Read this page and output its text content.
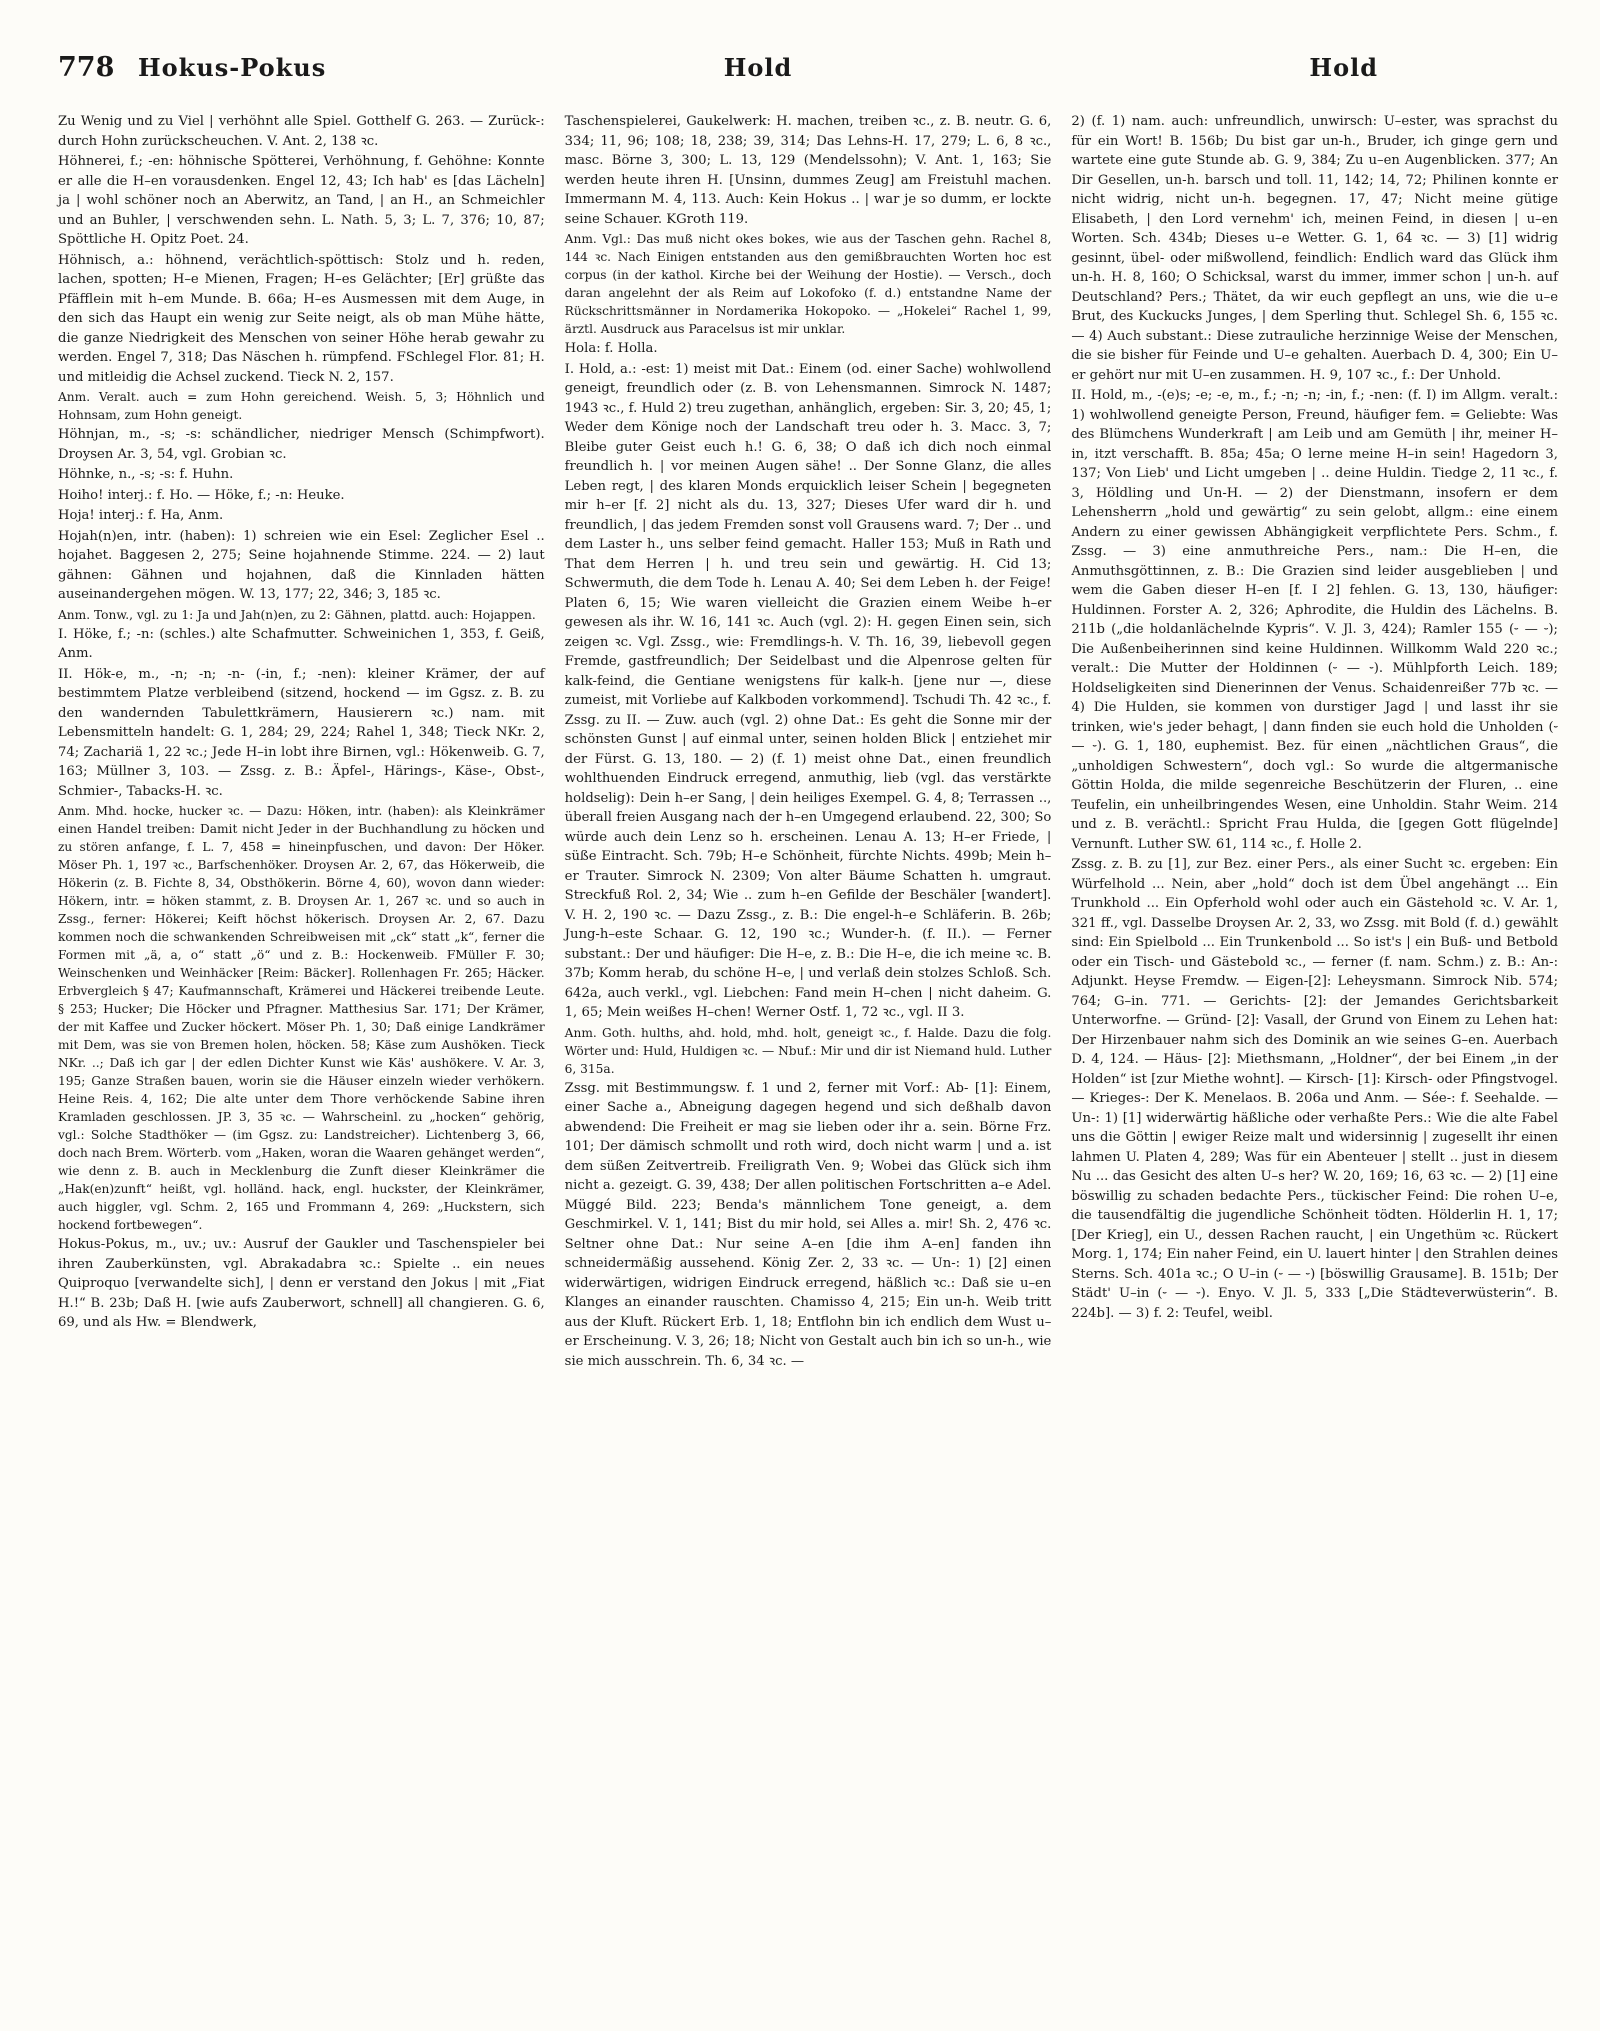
778 Hokus-Pokus	Hold	Hold

Zu Wenig und zu Viel | verhöhnt alle Spiel. Gotthelf G. 263. — Zurück-: durch Hohn zurückscheuchen. V. Ant. 2, 138 ꝛc.

Höhnerei, f.; -en: höhnische Spötterei, Verhöhnung, f. Gehöhne: Konnte er alle die H–en vorausdenken. Engel 12, 43; Ich hab' es [das Lächeln] ja | wohl schöner noch an Aberwitz, an Tand, | an H., an Schmeichler und an Buhler, | verschwenden sehn. L. Nath. 5, 3; L. 7, 376; 10, 87; Spöttliche H. Opitz Poet. 24.

Höhnisch, a.: höhnend, verächtlich-spöttisch: Stolz und h. reden, lachen, spotten; H–e Mienen, Fragen; H–es Gelächter; [Er] grüßte das Pfäfflein mit h–em Munde. B. 66a; H–es Ausmessen mit dem Auge, in den sich das Haupt ein wenig zur Seite neigt, als ob man Mühe hätte, die ganze Niedrigkeit des Menschen von seiner Höhe herab gewahr zu werden. Engel 7, 318; Das Näschen h. rümpfend. FSchlegel Flor. 81; H. und mitleidig die Achsel zuckend. Tieck N. 2, 157.

Anm. Veralt. auch = zum Hohn gereichend. Weish. 5, 3; Höhnlich und Hohnsam, zum Hohn geneigt.

Höhnjan, m., -s; -s: schändlicher, niedriger Mensch (Schimpfwort). Droysen Ar. 3, 54, vgl. Grobian ꝛc.

Höhnke, n., -s; -s: f. Huhn.

Hoiho! interj.: f. Ho. — Höke, f.; -n: Heuke.

Hoja! interj.: f. Ha, Anm.

Hojah(n)en, intr. (haben): 1) schreien wie ein Esel: Zeglicher Esel .. hojahet. Baggesen 2, 275; Seine hojahnende Stimme. 224. — 2) laut gähnen: Gähnen und hojahnen, daß die Kinnladen hätten auseinandergehen mögen. W. 13, 177; 22, 346; 3, 185 ꝛc.

Anm. Tonw., vgl. zu 1: Ja und Jah(n)en, zu 2: Gähnen, plattd. auch: Hojappen.

I. Höke, f.; -n: (schles.) alte Schafmutter. Schweinichen 1, 353, f. Geiß, Anm.

II. Hök-e, m., -n; -n; -n- (-in, f.; -nen): kleiner Krämer, der auf bestimmtem Platze verbleibend (sitzend, hockend — im Ggsz. z. B. zu den wandernden Tabulettkrämern, Hausierern ꝛc.) nam. mit Lebensmitteln handelt: G. 1, 284; 29, 224; Rahel 1, 348; Tieck NKr. 2, 74; Zachariä 1, 22 ꝛc.; Jede H–in lobt ihre Birnen, vgl.: Hökenweib. G. 7, 163; Müllner 3, 103. — Zssg. z. B.: Äpfel-, Härings-, Käse-, Obst-, Schmier-, Tabacks-H. ꝛc.

Anm. Mhd. hocke, hucker ꝛc. — Dazu: Höken, intr. (haben): als Kleinkrämer einen Handel treiben: Damit nicht Jeder in der Buchhandlung zu höcken und zu stören anfange, f. L. 7, 458 = hineinpfuschen, und davon: Der Höker. Möser Ph. 1, 197 ꝛc., Barfschenhöker. Droysen Ar. 2, 67, das Hökerweib, die Hökerin (z. B. Fichte 8, 34, Obsthökerin. Börne 4, 60), wovon dann wieder: Hökern, intr. = höken stammt, z. B. Droysen Ar. 1, 267 ꝛc. und so auch in Zssg., ferner: Hökerei; Keift höchst hökerisch. Droysen Ar. 2, 67. Dazu kommen noch die schwankenden Schreibweisen mit „ck“ statt „k“, ferner die Formen mit „ä, a, o“ statt „ö“ und z. B.: Hockenweib. FMüller F. 30; Weinschenken und Weinhäcker [Reim: Bäcker]. Rollenhagen Fr. 265; Häcker. Erbvergleich § 47; Kaufmannschaft, Krämerei und Häckerei treibende Leute. § 253; Hucker; Die Höcker und Pfragner. Matthesius Sar. 171; Der Krämer, der mit Kaffee und Zucker höckert. Möser Ph. 1, 30; Daß einige Landkrämer mit Dem, was sie von Bremen holen, höcken. 58; Käse zum Aushöken. Tieck NKr. ..; Daß ich gar | der edlen Dichter Kunst wie Käs' aushökere. V. Ar. 3, 195; Ganze Straßen bauen, worin sie die Häuser einzeln wieder verhökern. Heine Reis. 4, 162; Die alte unter dem Thore verhöckende Sabine ihren Kramladen geschlossen. JP. 3, 35 ꝛc. — Wahrscheinl. zu „hocken“ gehörig, vgl.: Solche Stadthöker — (im Ggsz. zu: Landstreicher). Lichtenberg 3, 66, doch nach Brem. Wörterb. vom „Haken, woran die Waaren gehänget werden“, wie denn z. B. auch in Mecklenburg die Zunft dieser Kleinkrämer die „Hak(en)zunft“ heißt, vgl. holländ. hack, engl. huckster, der Kleinkrämer, auch higgler, vgl. Schm. 2, 165 und Frommann 4, 269: „Huckstern, sich hockend fortbewegen“.

Hokus-Pokus, m., uv.; uv.: Ausruf der Gaukler und Taschenspieler bei ihren Zauberkünsten, vgl. Abrakadabra ꝛc.: Spielte .. ein neues Quiproquo [verwandelte sich], | denn er verstand den Jokus | mit „Fiat H.!“ B. 23b; Daß H. [wie aufs Zauberwort, schnell] all changieren. G. 6, 69, und als Hw. = Blendwerk,

Taschenspielerei, Gaukelwerk: H. machen, treiben ꝛc., z. B. neutr. G. 6, 334; 11, 96; 108; 18, 238; 39, 314; Das Lehns-H. 17, 279; L. 6, 8 ꝛc., masc. Börne 3, 300; L. 13, 129 (Mendelssohn); V. Ant. 1, 163; Sie werden heute ihren H. [Unsinn, dummes Zeug] am Freistuhl machen. Immermann M. 4, 113. Auch: Kein Hokus .. | war je so dumm, er lockte seine Schauer. KGroth 119.

Anm. Vgl.: Das muß nicht okes bokes, wie aus der Taschen gehn. Rachel 8, 144 ꝛc. Nach Einigen entstanden aus den gemißbrauchten Worten hoc est corpus (in der kathol. Kirche bei der Weihung der Hostie). — Versch., doch daran angelehnt der als Reim auf Lokofoko (f. d.) entstandne Name der Rückschrittsmänner in Nordamerika Hokopoko. — „Hokelei“ Rachel 1, 99, ärztl. Ausdruck aus Paracelsus ist mir unklar.

Hola: f. Holla.

I. Hold, a.: -est: 1) meist mit Dat.: Einem (od. einer Sache) wohlwollend geneigt, freundlich oder (z. B. von Lehensmannen. Simrock N. 1487; 1943 ꝛc., f. Huld 2) treu zugethan, anhänglich, ergeben: Sir. 3, 20; 45, 1; Weder dem Könige noch der Landschaft treu oder h. 3. Macc. 3, 7; Bleibe guter Geist euch h.! G. 6, 38; O daß ich dich noch einmal freundlich h. | vor meinen Augen sähe! .. Der Sonne Glanz, die alles Leben regt, | des klaren Monds erquicklich leiser Schein | begegneten mir h–er [f. 2] nicht als du. 13, 327; Dieses Ufer ward dir h. und freundlich, | das jedem Fremden sonst voll Grausens ward. 7; Der .. und dem Laster h., uns selber feind gemacht. Haller 153; Muß in Rath und That dem Herren | h. und treu sein und gewärtig. H. Cid 13; Schwermuth, die dem Tode h. Lenau A. 40; Sei dem Leben h. der Feige! Platen 6, 15; Wie waren vielleicht die Grazien einem Weibe h–er gewesen als ihr. W. 16, 141 ꝛc. Auch (vgl. 2): H. gegen Einen sein, sich zeigen ꝛc. Vgl. Zssg., wie: Fremdlings-h. V. Th. 16, 39, liebevoll gegen Fremde, gastfreundlich; Der Seidelbast und die Alpenrose gelten für kalk-feind, die Gentiane wenigstens für kalk-h. [jene nur —, diese zumeist, mit Vorliebe auf Kalkboden vorkommend]. Tschudi Th. 42 ꝛc., f. Zssg. zu II. — Zuw. auch (vgl. 2) ohne Dat.: Es geht die Sonne mir der schönsten Gunst | auf einmal unter, seinen holden Blick | entziehet mir der Fürst. G. 13, 180. — 2) (f. 1) meist ohne Dat., einen freundlich wohlthuenden Eindruck erregend, anmuthig, lieb (vgl. das verstärkte holdselig): Dein h–er Sang, | dein heiliges Exempel. G. 4, 8; Terrassen .., überall freien Ausgang nach der h–en Umgegend erlaubend. 22, 300; So würde auch dein Lenz so h. erscheinen. Lenau A. 13; H–er Friede, | süße Eintracht. Sch. 79b; H–e Schönheit, fürchte Nichts. 499b; Mein h–er Trauter. Simrock N. 2309; Von alter Bäume Schatten h. umgraut. Streckfuß Rol. 2, 34; Wie .. zum h–en Gefilde der Beschäler [wandert]. V. H. 2, 190 ꝛc. — Dazu Zssg., z. B.: Die engel-h–e Schläferin. B. 26b; Jung-h–este Schaar. G. 12, 190 ꝛc.; Wunder-h. (f. II.). — Ferner substant.: Der und häufiger: Die H–e, z. B.: Die H–e, die ich meine ꝛc. B. 37b; Komm herab, du schöne H–e, | und verlaß dein stolzes Schloß. Sch. 642a, auch verkl., vgl. Liebchen: Fand mein H–chen | nicht daheim. G. 1, 65; Mein weißes H–chen! Werner Ostf. 1, 72 ꝛc., vgl. II 3.

Anm. Goth. hulths, ahd. hold, mhd. holt, geneigt ꝛc., f. Halde. Dazu die folg. Wörter und: Huld, Huldigen ꝛc. — Nbuf.: Mir und dir ist Niemand huld. Luther 6, 315a.

Zssg. mit Bestimmungsw. f. 1 und 2, ferner mit Vorf.: Ab- [1]: Einem, einer Sache a., Abneigung dagegen hegend und sich deßhalb davon abwendend: Die Freiheit er mag sie lieben oder ihr a. sein. Börne Frz. 101; Der dämisch schmollt und roth wird, doch nicht warm | und a. ist dem süßen Zeitvertreib. Freiligrath Ven. 9; Wobei das Glück sich ihm nicht a. gezeigt. G. 39, 438; Der allen politischen Fortschritten a–e Adel. Müggé Bild. 223; Benda's männlichem Tone geneigt, a. dem Geschmirkel. V. 1, 141; Bist du mir hold, sei Alles a. mir! Sh. 2, 476 ꝛc. Seltner ohne Dat.: Nur seine A–en [die ihm A–en] fanden ihn schneidermäßig aussehend. König Zer. 2, 33 ꝛc. — Un-: 1) [2] einen widerwärtigen, widrigen Eindruck erregend, häßlich ꝛc.: Daß sie u–en Klanges an einander rauschten. Chamisso 4, 215; Ein un-h. Weib tritt aus der Kluft. Rückert Erb. 1, 18; Entflohn bin ich endlich dem Wust u–er Erscheinung. V. 3, 26; 18; Nicht von Gestalt auch bin ich so un-h., wie sie mich ausschrein. Th. 6, 34 ꝛc. —

2) (f. 1) nam. auch: unfreundlich, unwirsch: U–ester, was sprachst du für ein Wort! B. 156b; Du bist gar un-h., Bruder, ich ginge gern und wartete eine gute Stunde ab. G. 9, 384; Zu u–en Augenblicken. 377; An Dir Gesellen, un-h. barsch und toll. 11, 142; 14, 72; Philinen konnte er nicht widrig, nicht un-h. begegnen. 17, 47; Nicht meine gütige Elisabeth, | den Lord vernehm' ich, meinen Feind, in diesen | u–en Worten. Sch. 434b; Dieses u–e Wetter. G. 1, 64 ꝛc. — 3) [1] widrig gesinnt, übel- oder mißwollend, feindlich: Endlich ward das Glück ihm un-h. H. 8, 160; O Schicksal, warst du immer, immer schon | un-h. auf Deutschland? Pers.; Thätet, da wir euch gepflegt an uns, wie die u–e Brut, des Kuckucks Junges, | dem Sperling thut. Schlegel Sh. 6, 155 ꝛc. — 4) Auch substant.: Diese zutrauliche herzinnige Weise der Menschen, die sie bisher für Feinde und U–e gehalten. Auerbach D. 4, 300; Ein U–er gehört nur mit U–en zusammen. H. 9, 107 ꝛc., f.: Der Unhold.

II. Hold, m., -(e)s; -e; -e, m., f.; -n; -n; -in, f.; -nen: (f. I) im Allgm. veralt.: 1) wohlwollend geneigte Person, Freund, häufiger fem. = Geliebte: Was des Blümchens Wunderkraft | am Leib und am Gemüth | ihr, meiner H–in, itzt verschafft. B. 85a; 45a; O lerne meine H–in sein! Hagedorn 3, 137; Von Lieb' und Licht umgeben | .. deine Huldin. Tiedge 2, 11 ꝛc., f. 3, Höldling und Un-H. — 2) der Dienstmann, insofern er dem Lehensherrn „hold und gewärtig“ zu sein gelobt, allgm.: eine einem Andern zu einer gewissen Abhängigkeit verpflichtete Pers. Schm., f. Zssg. — 3) eine anmuthreiche Pers., nam.: Die H–en, die Anmuthsgöttinnen, z. B.: Die Grazien sind leider ausgeblieben | und wem die Gaben dieser H–en [f. I 2] fehlen. G. 13, 130, häufiger: Huldinnen. Forster A. 2, 326; Aphrodite, die Huldin des Lächelns. B. 211b („die holdanlächelnde Kypris“. V. Jl. 3, 424); Ramler 155 (⏑ — ⏑); Die Außenbeiherinnen sind keine Huldinnen. Willkomm Wald 220 ꝛc.; veralt.: Die Mutter der Holdinnen (⏑ — ⏑). Mühlpforth Leich. 189; Holdseligkeiten sind Dienerinnen der Venus. Schaidenreißer 77b ꝛc. — 4) Die Hulden, sie kommen von durstiger Jagd | und lasst ihr sie trinken, wie's jeder behagt, | dann finden sie euch hold die Unholden (⏑ — ⏑). G. 1, 180, euphemist. Bez. für einen „nächtlichen Graus“, die „unholdigen Schwestern“, doch vgl.: So wurde die altgermanische Göttin Holda, die milde segenreiche Beschützerin der Fluren, .. eine Teufelin, ein unheilbringendes Wesen, eine Unholdin. Stahr Weim. 214 und z. B. verächtl.: Spricht Frau Hulda, die [gegen Gott flügelnde] Vernunft. Luther SW. 61, 114 ꝛc., f. Holle 2.

Zssg. z. B. zu [1], zur Bez. einer Pers., als einer Sucht ꝛc. ergeben: Ein Würfelhold ... Nein, aber „hold“ doch ist dem Übel angehängt ... Ein Trunkhold ... Ein Opferhold wohl oder auch ein Gästehold ꝛc. V. Ar. 1, 321 ff., vgl. Dasselbe Droysen Ar. 2, 33, wo Zssg. mit Bold (f. d.) gewählt sind: Ein Spielbold ... Ein Trunkenbold ... So ist's | ein Buß- und Betbold oder ein Tisch- und Gästebold ꝛc., — ferner (f. nam. Schm.) z. B.: An-: Adjunkt. Heyse Fremdw. — Eigen-[2]: Leheysmann. Simrock Nib. 574; 764; G–in. 771. — Gerichts- [2]: der Jemandes Gerichtsbarkeit Unterworfne. — Gründ- [2]: Vasall, der Grund von Einem zu Lehen hat: Der Hirzenbauer nahm sich des Dominik an wie seines G–en. Auerbach D. 4, 124. — Häus- [2]: Miethsmann, „Holdner“, der bei Einem „in der Holden“ ist [zur Miethe wohnt]. — Kirsch- [1]: Kirsch- oder Pfingstvogel. — Krieges-: Der K. Menelaos. B. 206a und Anm. — Sée-: f. Seehalde. — Un-: 1) [1] widerwärtig häßliche oder verhaßte Pers.: Wie die alte Fabel uns die Göttin | ewiger Reize malt und widersinnig | zugesellt ihr einen lahmen U. Platen 4, 289; Was für ein Abenteuer | stellt .. just in diesem Nu ... das Gesicht des alten U–s her? W. 20, 169; 16, 63 ꝛc. — 2) [1] eine böswillig zu schaden bedachte Pers., tückischer Feind: Die rohen U–e, die tausendfältig die jugendliche Schönheit tödten. Hölderlin H. 1, 17; [Der Krieg], ein U., dessen Rachen raucht, | ein Ungethüm ꝛc. Rückert Morg. 1, 174; Ein naher Feind, ein U. lauert hinter | den Strahlen deines Sterns. Sch. 401a ꝛc.; O U–in (⏑ — ⏑) [böswillig Grausame]. B. 151b; Der Städt' U–in (⏑ — ⏑). Enyo. V. Jl. 5, 333 [„Die Städteverwüsterin“. B. 224b]. — 3) f. 2: Teufel, weibl.
